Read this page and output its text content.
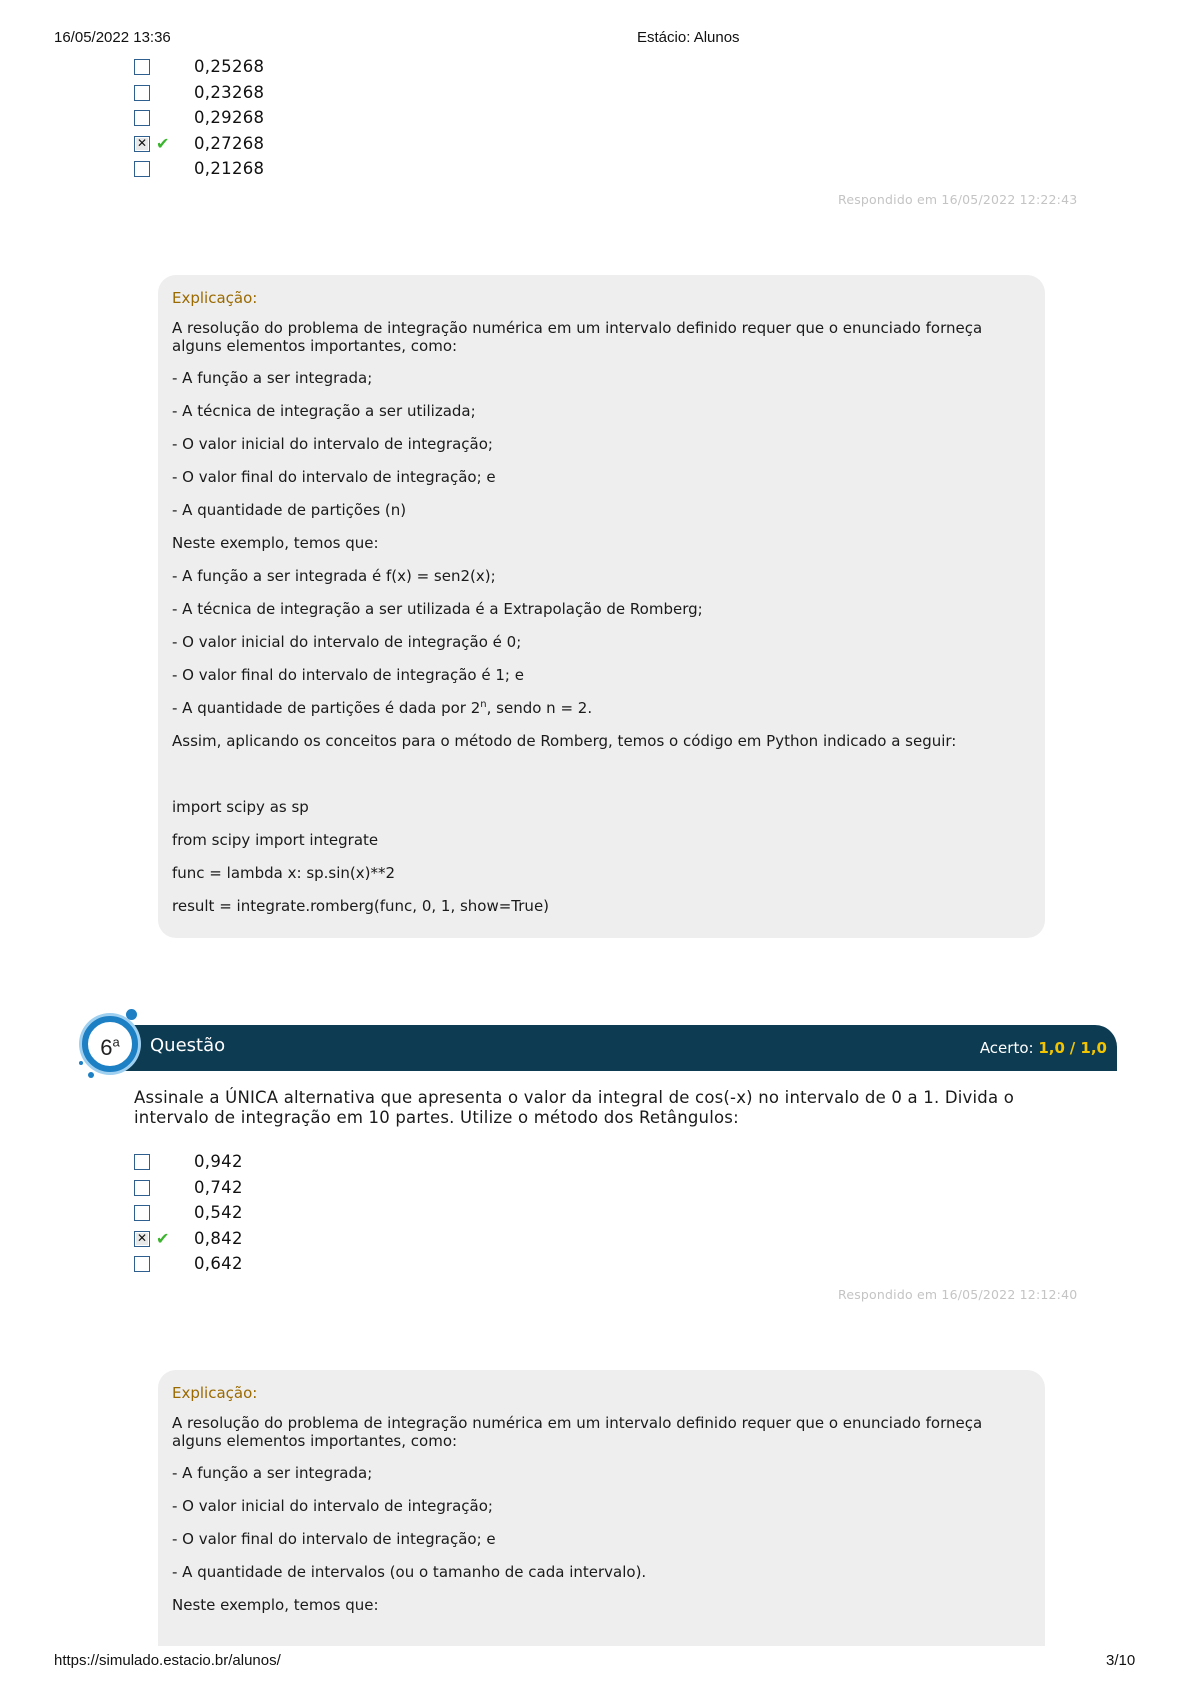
16/05/2022 13:36	Estácio: Alunos
0,25268
0,23268
0,29268
✕ ✔ 0,27268
0,21268
Respondido em 16/05/2022 12:22:43
Explicação:

A resolução do problema de integração numérica em um intervalo definido requer que o enunciado forneça alguns elementos importantes, como:

- A função a ser integrada;

- A técnica de integração a ser utilizada;

- O valor inicial do intervalo de integração;

- O valor final do intervalo de integração; e

- A quantidade de partições (n)

Neste exemplo, temos que:

- A função a ser integrada é f(x) = sen2(x);

- A técnica de integração a ser utilizada é a Extrapolação de Romberg;

- O valor inicial do intervalo de integração é 0;

- O valor final do intervalo de integração é 1; e

- A quantidade de partições é dada por 2$^n$, sendo n = 2.

Assim, aplicando os conceitos para o método de Romberg, temos o código em Python indicado a seguir:

import scipy as sp

from scipy import integrate

func = lambda x: sp.sin(x)**2

result = integrate.romberg(func, 0, 1, show=True)

6$^a$	Questão	Acerto: 1,0 / 1,0
Assinale a ÚNICA alternativa que apresenta o valor da integral de cos(-x) no intervalo de 0 a 1. Divida o intervalo de integração em 10 partes. Utilize o método dos Retângulos:
0,942
0,742
0,542
✕ ✔ 0,842
0,642
Respondido em 16/05/2022 12:12:40
Explicação:

A resolução do problema de integração numérica em um intervalo definido requer que o enunciado forneça alguns elementos importantes, como:

- A função a ser integrada;

- O valor inicial do intervalo de integração;

- O valor final do intervalo de integração; e

- A quantidade de intervalos (ou o tamanho de cada intervalo).

Neste exemplo, temos que:

https://simulado.estacio.br/alunos/	3/10
